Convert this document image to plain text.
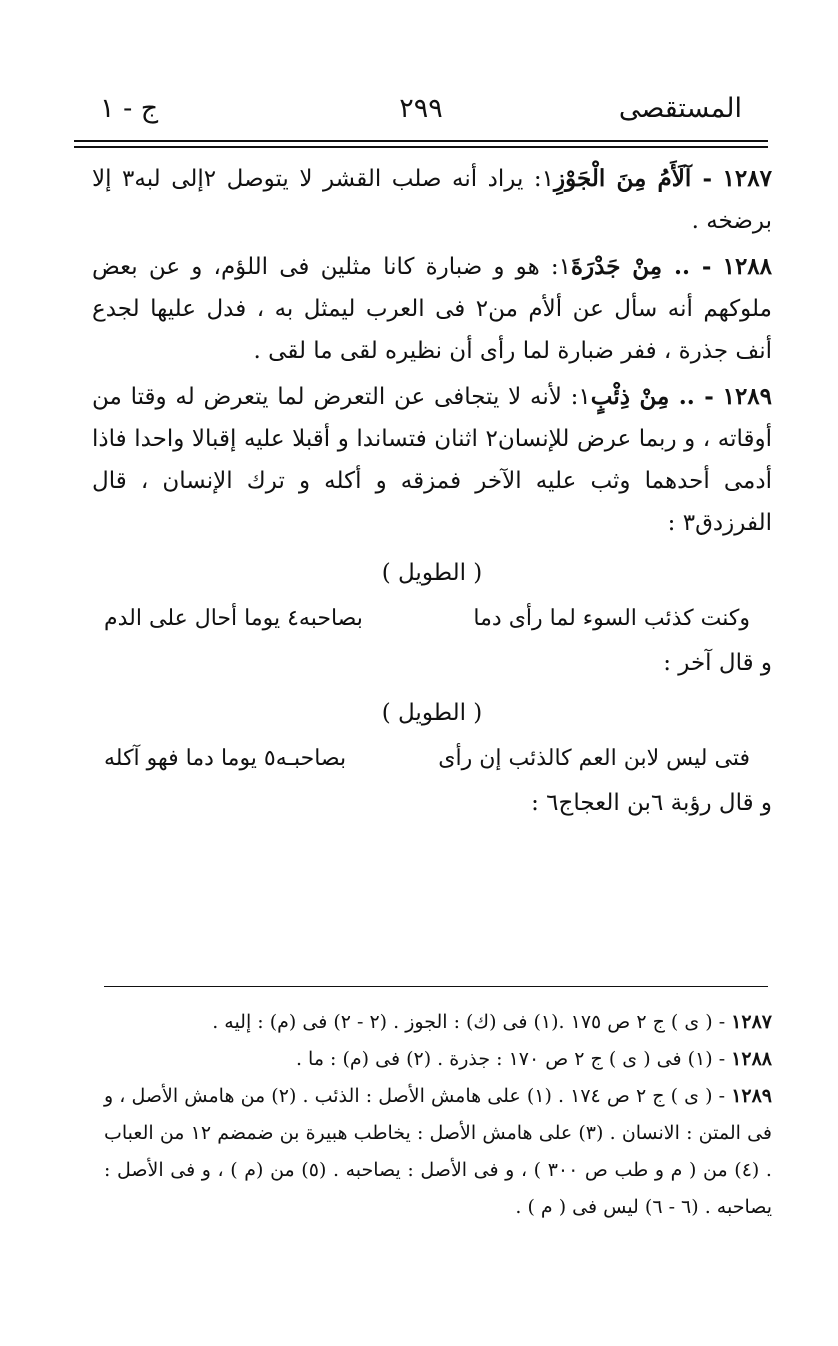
المستقصى
٢٩٩
ج - ١

١٢٨٧ - آلَأَمُ مِنَ الْجَوْزِ١: يراد أنه صلب القشر لا يتوصل ٢إلى لبه٣ إلا برضخه .

١٢٨٨ - .. مِنْ جَدْرَةَ١: هو و ضبارة كانا مثلين فى اللؤم، و عن بعض ملوكهم أنه سأل عن ألأم من٢ فى العرب ليمثل به ، فدل عليها لجدع أنف جذرة ، ففر ضبارة لما رأى أن نظيره لقى ما لقى .

١٢٨٩ - .. مِنْ ذِئْبٍ١: لأنه لا يتجافى عن التعرض لما يتعرض له وقتا من أوقاته ، و ربما عرض للإنسان٢ اثنان فتساندا و أقبلا عليه إقبالا واحدا فاذا أدمى أحدهما وثب عليه الآخر فمزقه و أكله و ترك الإنسان ، قال الفرزدق٣ :

( الطويل )
وكنت كذئب السوء لما رأى دما
بصاحبه٤ يوما أحال على الدم

و قال آخر :

( الطويل )
فتى ليس لابن العم كالذئب إن رأى
بصاحبـه٥ يوما دما فهو آكله

و قال رؤبة ٦بن العجاج٦ :

١٢٨٧ - ( ى ) ج ٢ ص ١٧٥ .(١) فى (ك) : الجوز . (٢ - ٢) فى (م) : إليه .

١٢٨٨ - (١) فى ( ى ) ج ٢ ص ١٧٠ : جذرة . (٢) فى (م) : ما .

١٢٨٩ - ( ى ) ج ٢ ص ١٧٤ . (١) على هامش الأصل : الذئب . (٢) من هامش الأصل ، و فى المتن : الانسان . (٣) على هامش الأصل : يخاطب هبيرة بن ضمضم ١٢ من العباب . (٤) من ( م و طب ص ٣٠٠ ) ، و فى الأصل : يصاحبه . (٥) من (م ) ، و فى الأصل : يصاحبه . (٦ - ٦) ليس فى ( م ) .
